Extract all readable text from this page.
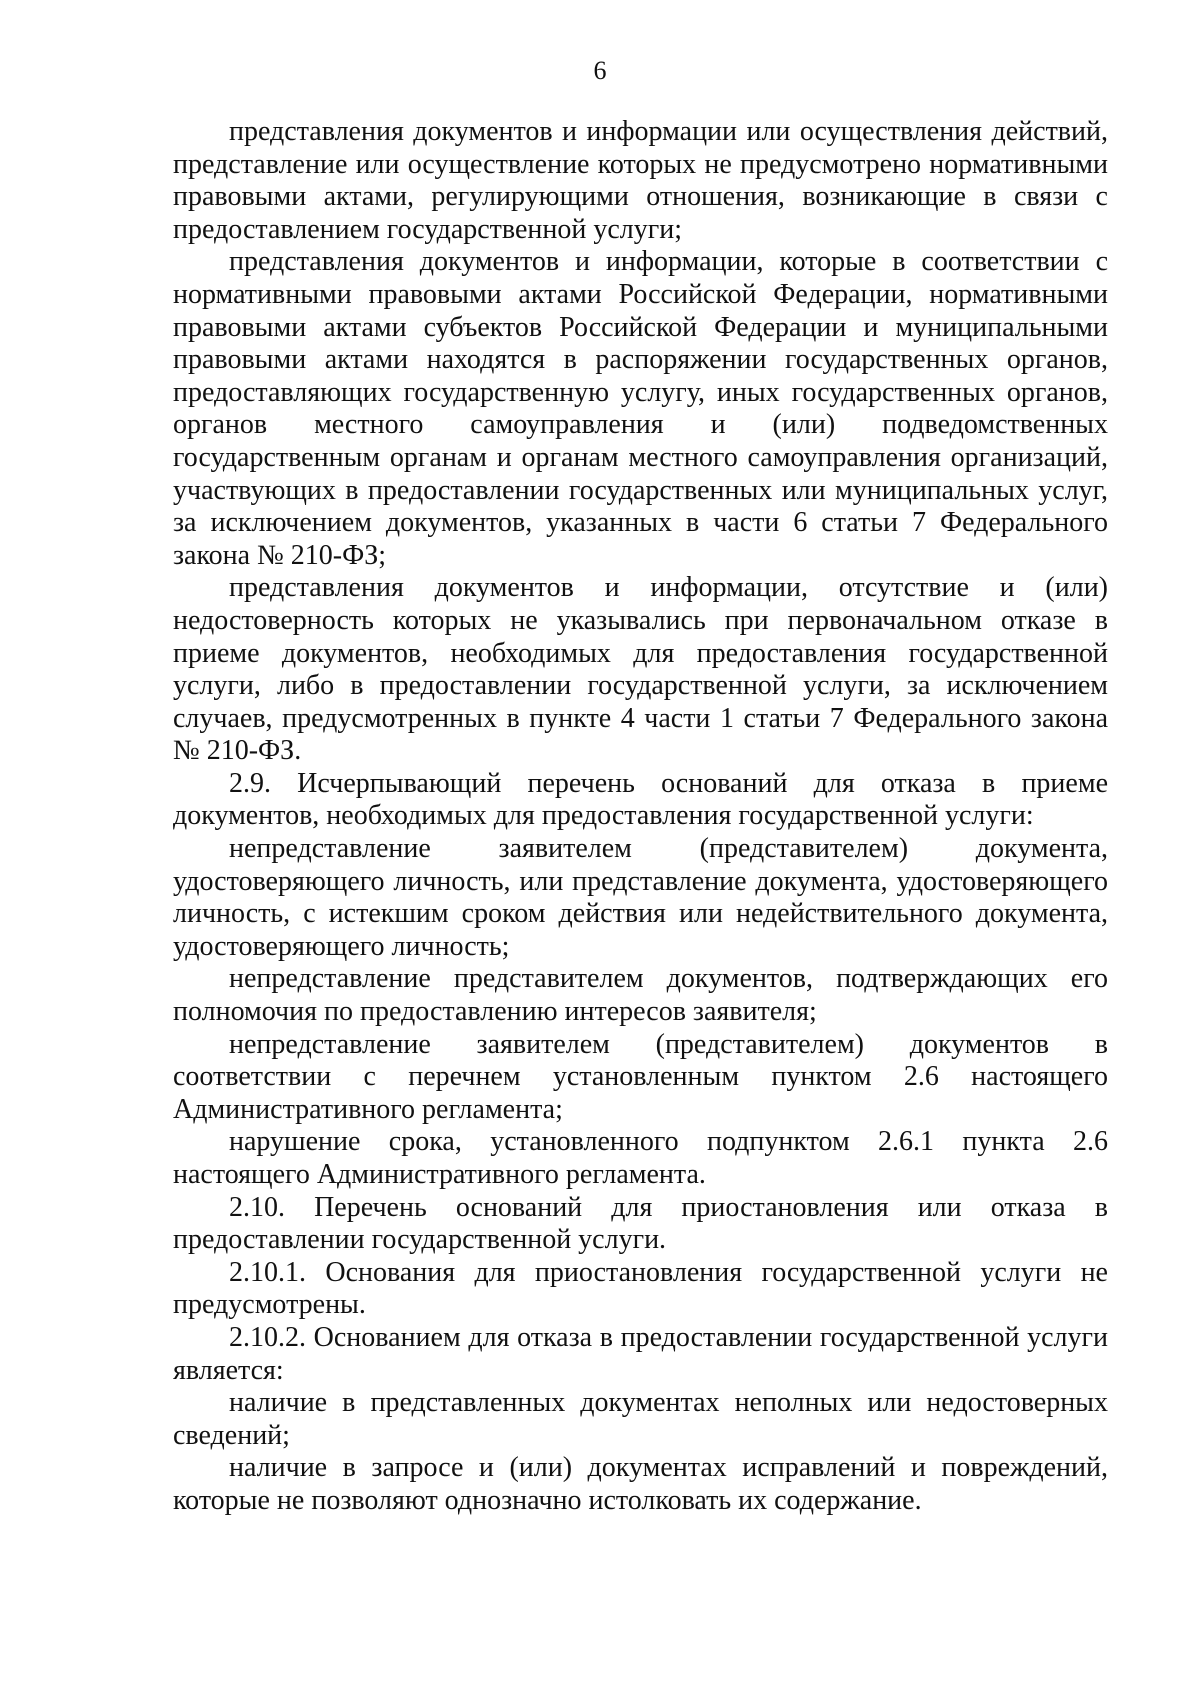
6

представления документов и информации или осуществления действий, представление или осуществление которых не предусмотрено нормативными правовыми актами, регулирующими отношения, возникающие в связи с предоставлением государственной услуги;

представления документов и информации, которые в соответствии с нормативными правовыми актами Российской Федерации, нормативными правовыми актами субъектов Российской Федерации и муниципальными правовыми актами находятся в распоряжении государственных органов, предоставляющих государственную услугу, иных государственных органов, органов местного самоуправления и (или) подведомственных государственным органам и органам местного самоуправления организаций, участвующих в предоставлении государственных или муниципальных услуг, за исключением документов, указанных в части 6 статьи 7 Федерального закона № 210-ФЗ;

представления документов и информации, отсутствие и (или) недостоверность которых не указывались при первоначальном отказе в приеме документов, необходимых для предоставления государственной услуги, либо в предоставлении государственной услуги, за исключением случаев, предусмотренных в пункте 4 части 1 статьи 7 Федерального закона № 210-ФЗ.

2.9. Исчерпывающий перечень оснований для отказа в приеме документов, необходимых для предоставления государственной услуги:

непредставление заявителем (представителем) документа, удостоверяющего личность, или представление документа, удостоверяющего личность, с истекшим сроком действия или недействительного документа, удостоверяющего личность;

непредставление представителем документов, подтверждающих его полномочия по предоставлению интересов заявителя;

непредставление заявителем (представителем) документов в соответствии с перечнем установленным пунктом 2.6 настоящего Административного регламента;

нарушение срока, установленного подпунктом 2.6.1 пункта 2.6 настоящего Административного регламента.

2.10. Перечень оснований для приостановления или отказа в предоставлении государственной услуги.

2.10.1. Основания для приостановления государственной услуги не предусмотрены.

2.10.2. Основанием для отказа в предоставлении государственной услуги является:

наличие в представленных документах неполных или недостоверных сведений;

наличие в запросе и (или) документах исправлений и повреждений, которые не позволяют однозначно истолковать их содержание.
